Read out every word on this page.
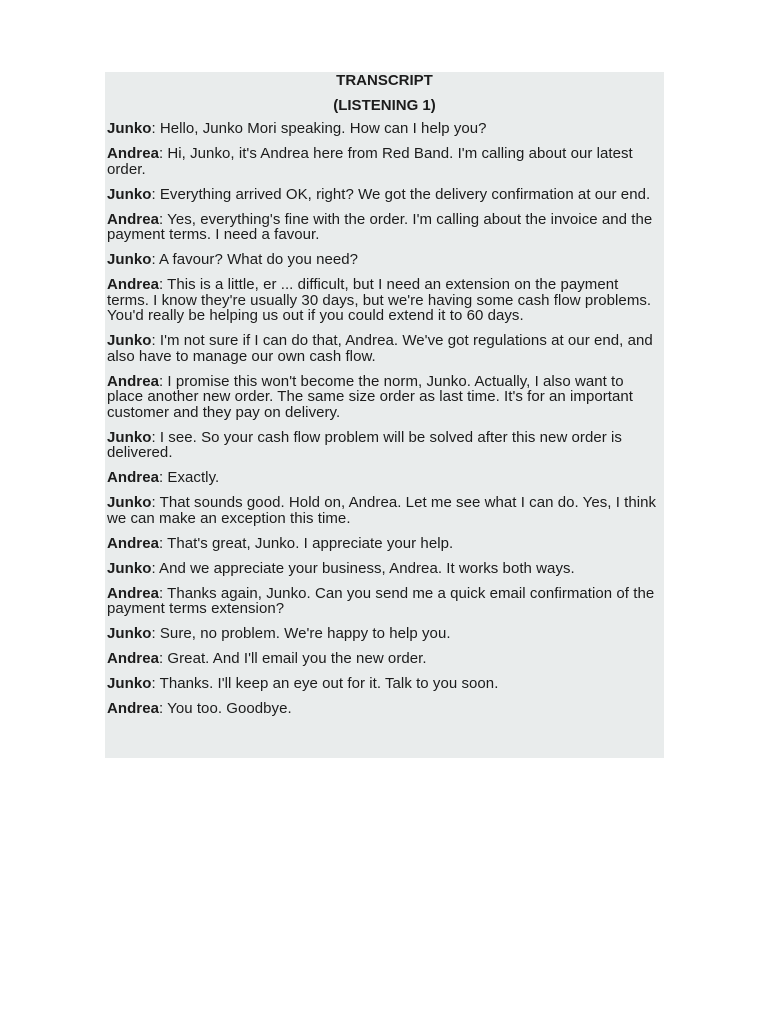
TRANSCRIPT
(LISTENING 1)

Junko: Hello, Junko Mori speaking. How can I help you?

Andrea: Hi, Junko, it's Andrea here from Red Band. I'm calling about our latest order.

Junko: Everything arrived OK, right? We got the delivery confirmation at our end.

Andrea: Yes, everything's fine with the order. I'm calling about the invoice and the payment terms. I need a favour.

Junko: A favour? What do you need?

Andrea: This is a little, er ... difficult, but I need an extension on the payment terms. I know they're usually 30 days, but we're having some cash flow problems. You'd really be helping us out if you could extend it to 60 days.

Junko: I'm not sure if I can do that, Andrea. We've got regulations at our end, and also have to manage our own cash flow.

Andrea: I promise this won't become the norm, Junko. Actually, I also want to place another new order. The same size order as last time. It's for an important customer and they pay on delivery.

Junko: I see. So your cash flow problem will be solved after this new order is delivered.

Andrea: Exactly.

Junko: That sounds good. Hold on, Andrea. Let me see what I can do. Yes, I think we can make an exception this time.

Andrea: That's great, Junko. I appreciate your help.

Junko: And we appreciate your business, Andrea. It works both ways.

Andrea: Thanks again, Junko. Can you send me a quick email confirmation of the payment terms extension?

Junko: Sure, no problem. We're happy to help you.

Andrea: Great. And I'll email you the new order.

Junko: Thanks. I'll keep an eye out for it. Talk to you soon.

Andrea: You too. Goodbye.
